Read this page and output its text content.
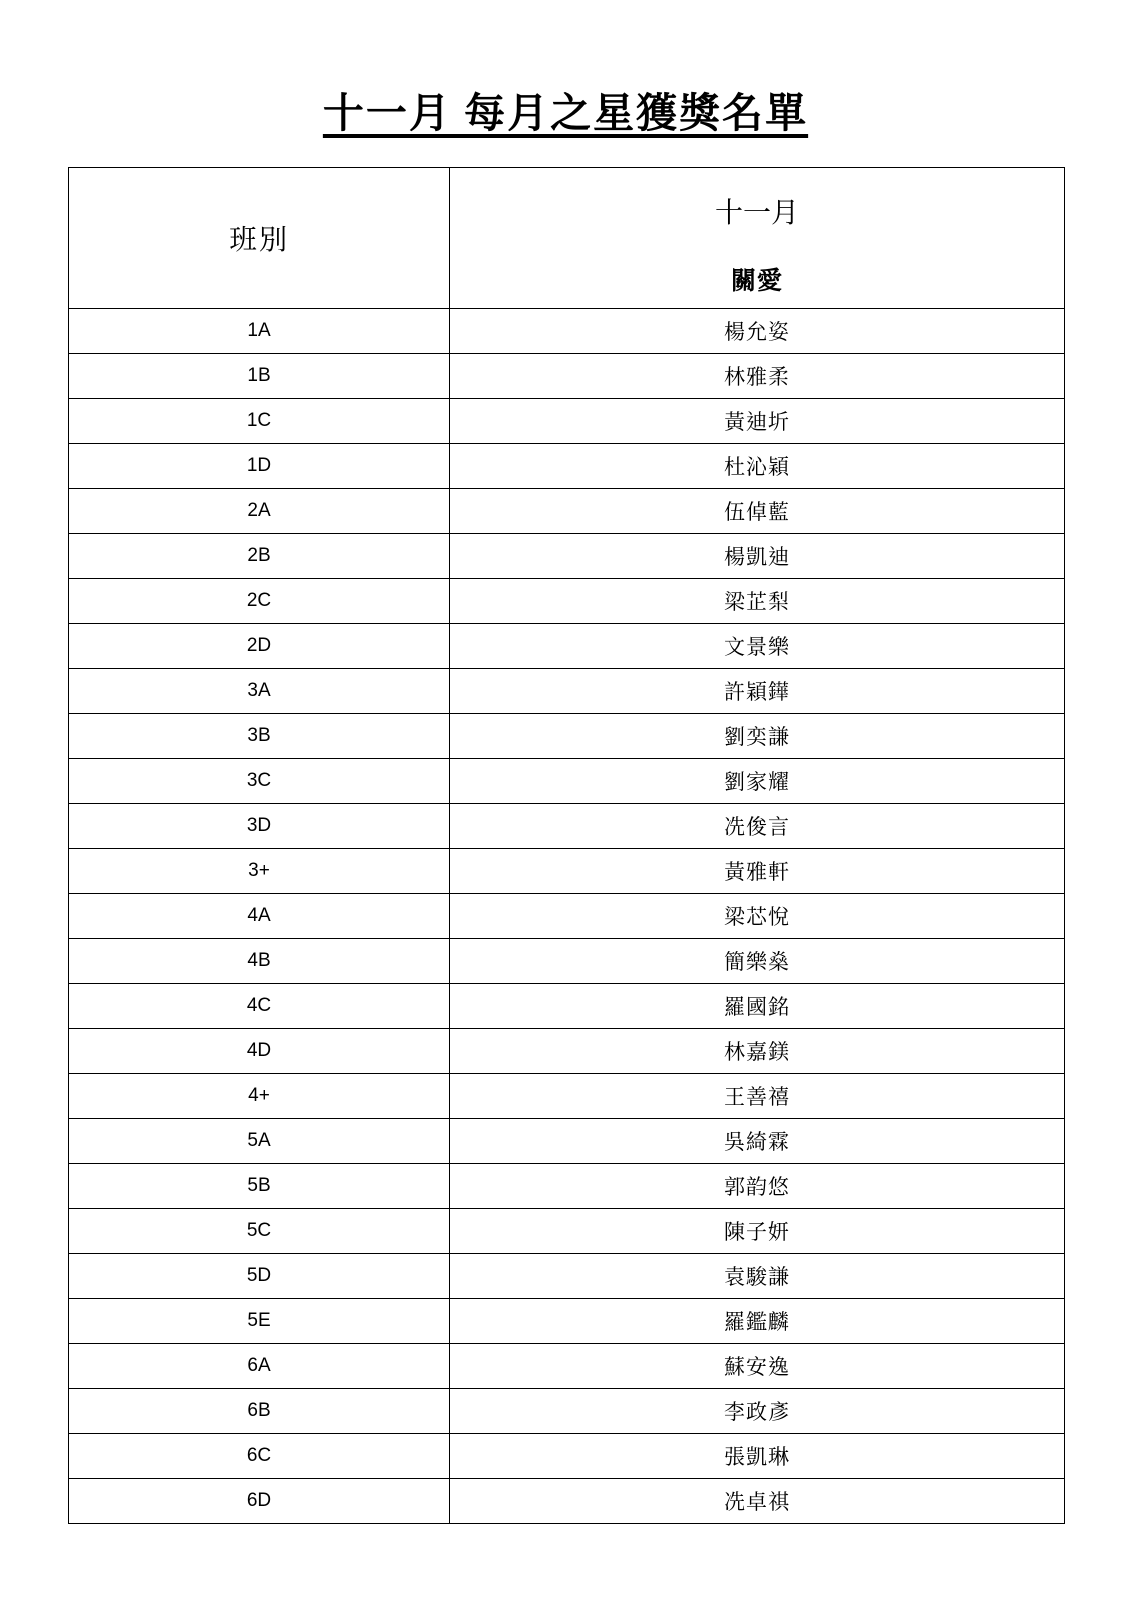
十一月 每月之星獲獎名單
班別	十一月
關愛

1A	楊允姿
1B	林雅柔
1C	黃迪圻
1D	杜沁穎
2A	伍倬藍
2B	楊凱迪
2C	梁芷梨
2D	文景樂
3A	許穎鏵
3B	劉奕謙
3C	劉家耀
3D	冼俊言
3+	黃雅軒
4A	梁芯悅
4B	簡樂燊
4C	羅國銘
4D	林嘉鎂
4+	王善禧
5A	吳綺霖
5B	郭韵悠
5C	陳子妍
5D	袁駿謙
5E	羅鑑麟
6A	蘇安逸
6B	李政彥
6C	張凱琳
6D	冼卓祺
